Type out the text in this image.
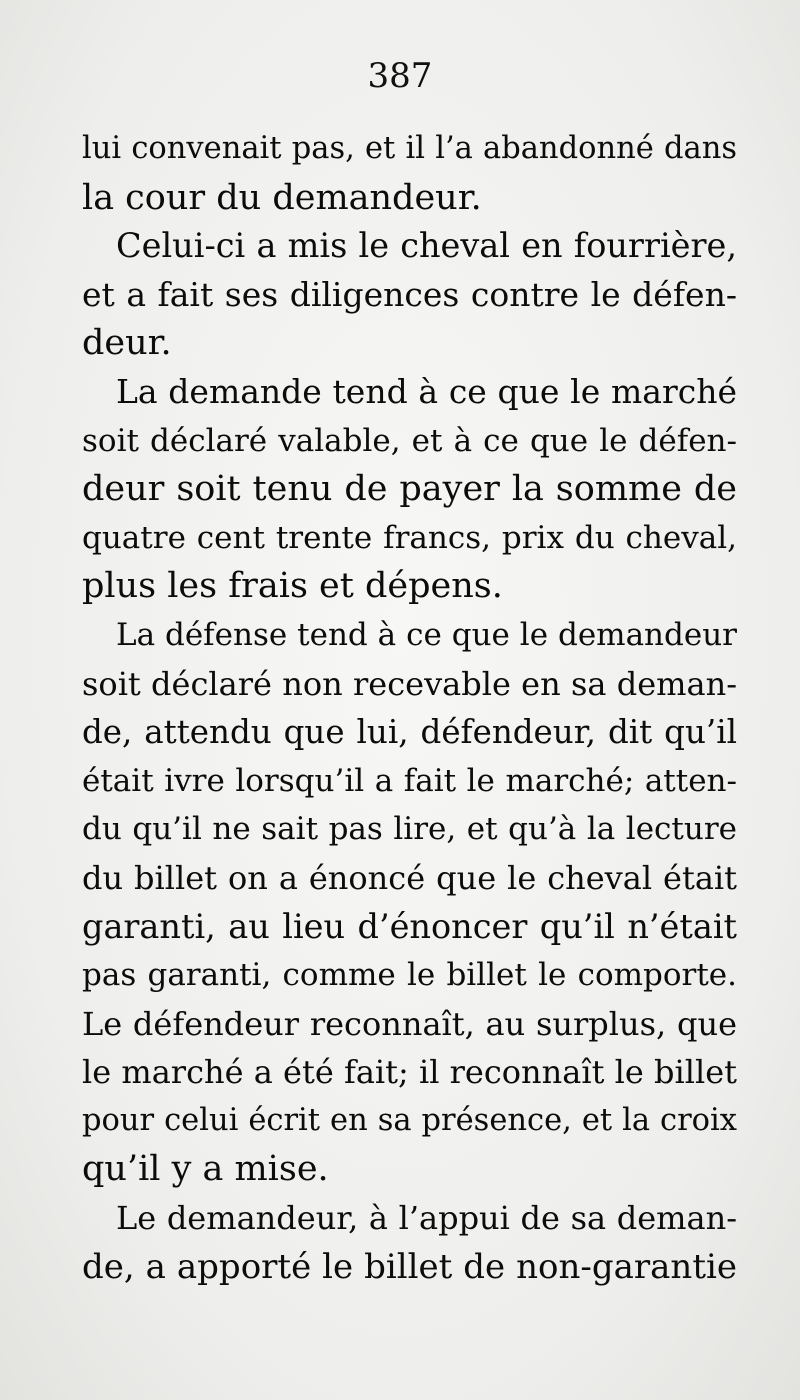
387
lui convenait pas, et il l’a abandonné dans
la cour du demandeur.
Celui-ci a mis le cheval en fourrière,
et a fait ses diligences contre le défen-
deur.
La demande tend à ce que le marché
soit déclaré valable, et à ce que le défen-
deur soit tenu de payer la somme de
quatre cent trente francs, prix du cheval,
plus les frais et dépens.
La défense tend à ce que le demandeur
soit déclaré non recevable en sa deman-
de, attendu que lui, défendeur, dit qu’il
était ivre lorsqu’il a fait le marché; atten-
du qu’il ne sait pas lire, et qu’à la lecture
du billet on a énoncé que le cheval était
garanti, au lieu d’énoncer qu’il n’était
pas garanti, comme le billet le comporte.
Le défendeur reconnaît, au surplus, que
le marché a été fait; il reconnaît le billet
pour celui écrit en sa présence, et la croix
qu’il y a mise.
Le demandeur, à l’appui de sa deman-
de, a apporté le billet de non-garantie
